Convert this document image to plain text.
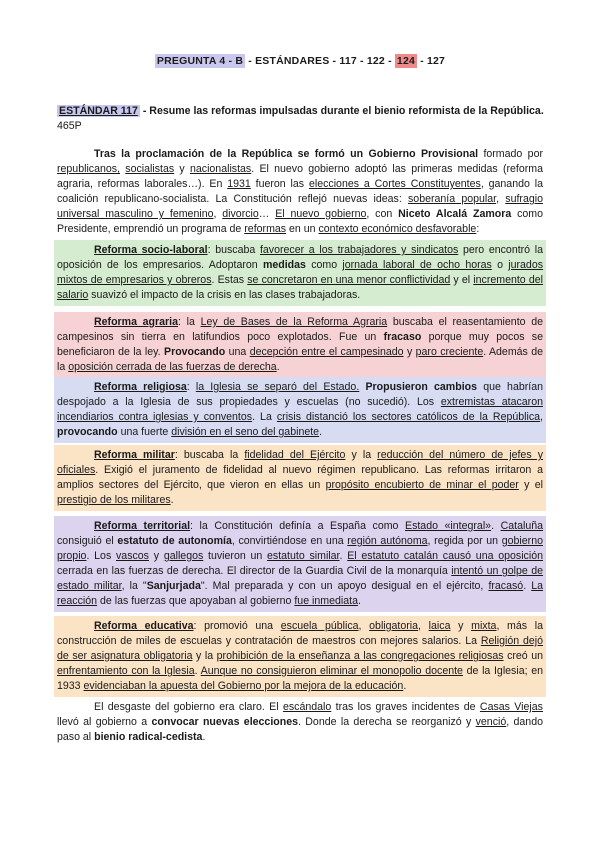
PREGUNTA 4 - B - ESTÁNDARES - 117 - 122 - 124 - 127
ESTÁNDAR 117 - Resume las reformas impulsadas durante el bienio reformista de la República. 465P

Tras la proclamación de la República se formó un Gobierno Provisional formado por republicanos, socialistas y nacionalistas. El nuevo gobierno adoptó las primeras medidas (reforma agraria, reformas laborales…). En 1931 fueron las elecciones a Cortes Constituyentes, ganando la coalición republicano-socialista. La Constitución reflejó nuevas ideas: soberanía popular, sufragio universal masculino y femenino, divorcio… El nuevo gobierno, con Niceto Alcalá Zamora como Presidente, emprendió un programa de reformas en un contexto económico desfavorable:

Reforma socio-laboral: buscaba favorecer a los trabajadores y sindicatos pero encontró la oposición de los empresarios. Adoptaron medidas como jornada laboral de ocho horas o jurados mixtos de empresarios y obreros. Estas se concretaron en una menor conflictividad y el incremento del salario suavizó el impacto de la crisis en las clases trabajadoras.

Reforma agraria: la Ley de Bases de la Reforma Agraria buscaba el reasentamiento de campesinos sin tierra en latifundios poco explotados. Fue un fracaso porque muy pocos se beneficiaron de la ley. Provocando una decepción entre el campesinado y paro creciente. Además de la oposición cerrada de las fuerzas de derecha.

Reforma religiosa: la Iglesia se separó del Estado. Propusieron cambios que habrían despojado a la Iglesia de sus propiedades y escuelas (no sucedió). Los extremistas atacaron incendiarios contra iglesias y conventos. La crisis distanció los sectores católicos de la República, provocando una fuerte división en el seno del gabinete.

Reforma militar: buscaba la fidelidad del Ejército y la reducción del número de jefes y oficiales. Exigió el juramento de fidelidad al nuevo régimen republicano. Las reformas irritaron a amplios sectores del Ejército, que vieron en ellas un propósito encubierto de minar el poder y el prestigio de los militares.

Reforma territorial: la Constitución definía a España como Estado «integral». Cataluña consiguió el estatuto de autonomía, convirtiéndose en una región autónoma, regida por un gobierno propio. Los vascos y gallegos tuvieron un estatuto similar. El estatuto catalán causó una oposición cerrada en las fuerzas de derecha. El director de la Guardia Civil de la monarquía intentó un golpe de estado militar, la "Sanjurjada". Mal preparada y con un apoyo desigual en el ejército, fracasó. La reacción de las fuerzas que apoyaban al gobierno fue inmediata.

Reforma educativa: promovió una escuela pública, obligatoria, laica y mixta, más la construcción de miles de escuelas y contratación de maestros con mejores salarios. La Religión dejó de ser asignatura obligatoria y la prohibición de la enseñanza a las congregaciones religiosas creó un enfrentamiento con la Iglesia. Aunque no consiguieron eliminar el monopolio docente de la Iglesia; en 1933 evidenciaban la apuesta del Gobierno por la mejora de la educación.

El desgaste del gobierno era claro. El escándalo tras los graves incidentes de Casas Viejas llevó al gobierno a convocar nuevas elecciones. Donde la derecha se reorganizó y venció, dando paso al bienio radical-cedista.
